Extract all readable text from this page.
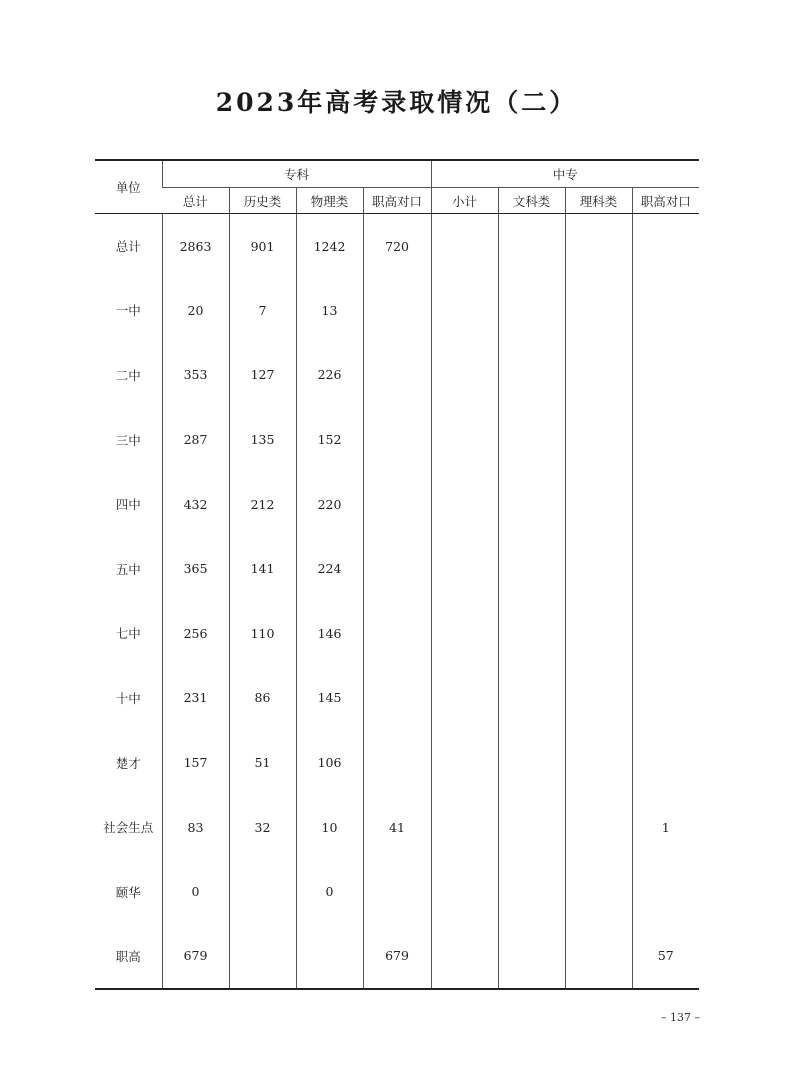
2023年高考录取情况（二）
单位	专科				中专			
	总计	历史类	物理类	职高对口	小计	文科类	理科类	职高对口
总计	2863	901	1242	720				
一中	20	7	13					
二中	353	127	226					
三中	287	135	152					
四中	432	212	220					
五中	365	141	224					
七中	256	110	146					
十中	231	86	145					
楚才	157	51	106					
社会生点	83	32	10	41				1
颐华	0		0					
职高	679			679				57
– 137 –
